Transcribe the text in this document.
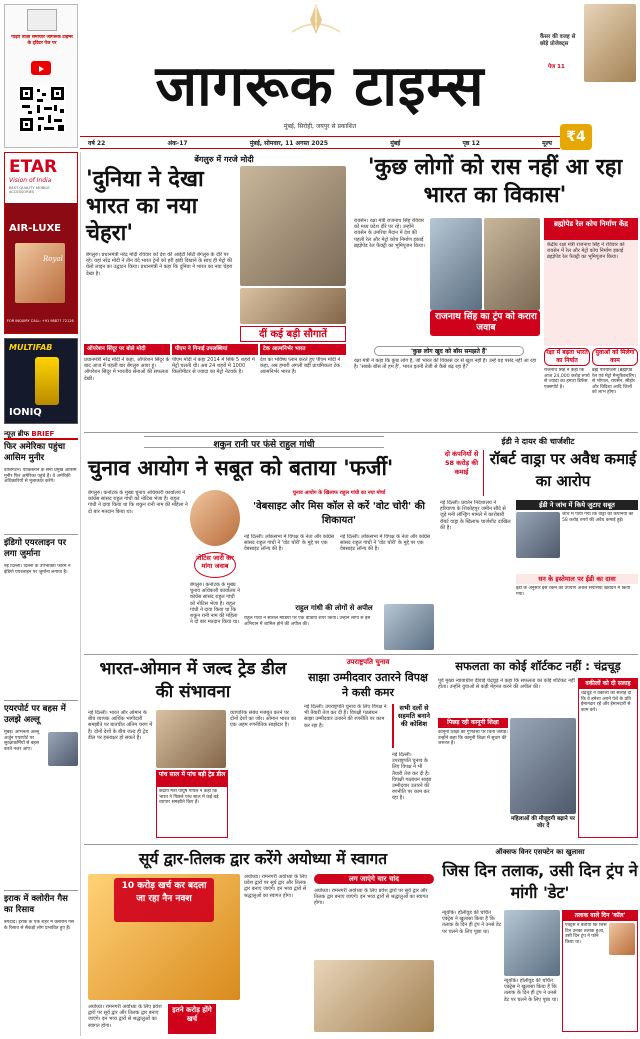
पढ़िए ताज़ा समाचार जागरूक टाइम्स के ट्विटर पेज पर
जागरूक टाइम्स
मुंबई, सिरोही, जयपुर से प्रकाशित
कैंसर की वजह से छोड़े प्रोजेक्ट्स
पेज 11
वर्ष 22	अंक-17	मुंबई, सोमवार, 11 अगस्त 2025	मुंबई	पृष्ठ 12	मूल्य	₹4
ETAR
Vision of India
BEST QUALITY MOBILE ACCESSORIES
AIR-LUXE
Royal
FOR INQUIRY CALL: +91 98877 72126
MULTIFAB
IONIQ
न्यूज़ ब्रीफ BRIEF
फिर अमेरिका पहुंचा आसिम मुनीर
वाशिंगटन। पाकिस्तान के सेना प्रमुख आसिम मुनीर फिर अमेरिका पहुंचे हैं। वे अमेरिकी अधिकारियों से मुलाकात करेंगे।
इंडिगो एयरलाइन पर लगा जुर्माना
नई दिल्ली। दिल्ली के उपभोक्ता फोरम ने इंडिगो एयरलाइन पर जुर्माना लगाया है।
एयरपोर्ट पर बहस में उलझे अल्लू
मुंबई। अभिनेता अल्लू अर्जुन एयरपोर्ट पर सुरक्षाकर्मियों से बहस करते नजर आए।
इराक में क्लोरीन गैस का रिसाव
बगदाद। इराक के एक शहर में क्लोरीन गैस के रिसाव से सैकड़ों लोग प्रभावित हुए हैं।
बेंगलुरु में गरजे मोदी
'दुनिया ने देखा भारत का नया चेहरा'
बेंगलुरु। प्रधानमंत्री नरेंद्र मोदी रविवार को देश की आईटी सिटी बेंगलुरु के दौरे पर रहे। यहां नरेंद्र मोदी ने तीन वंदे भारत ट्रेनों को हरी झंडी दिखाने के साथ ही मेट्रो की येलो लाइन का उद्घाटन किया। प्रधानमंत्री ने कहा कि दुनिया ने भारत का नया चेहरा देखा है।
दीं कई बड़ी सौगातें
ऑपरेशन सिंदूर पर बोले मोदी
प्रधानमंत्री नरेंद्र मोदी ने कहा, ऑपरेशन सिंदूर के बाद आज मैं पहली बार बेंगलुरु आया हूं। ऑपरेशन सिंदूर में भारतीय सेनाओं की सफलता देखी।
पीएम ने गिनाईं उपलब्धियां
पीएम मोदी ने कहा 2014 में सिर्फ 5 शहरों में मेट्रो चलती थी। अब 24 शहरों में 1000 किलोमीटर से ज्यादा का मेट्रो नेटवर्क है।
टेक आत्मनिर्भर भारत
देश का भविष्य प्लान करते हुए पीएम मोदी ने कहा, अब हमारी अगली बड़ी प्राथमिकता टेक आत्मनिर्भर भारत है।
'कुछ लोगों को रास नहीं आ रहा भारत का विकास'
रायसेन। रक्षा मंत्री राजनाथ सिंह रविवार को मध्य प्रदेश दौरे पर रहे। उन्होंने रायसेन के उमरिया मैदान में देश की पहली रेल और मेट्रो कोच निर्माण इकाई ब्रह्मोपेड रेल फैक्ट्री का भूमिपूजन किया।
राजनाथ सिंह का ट्रंप को करारा जवाब
ब्रह्मोपेड रेल कोच निर्माण केंद्र
केंद्रीय रक्षा मंत्री राजनाथ सिंह ने रविवार को रायसेन में रेल और मेट्रो कोच निर्माण इकाई ब्रह्मोपेड रेल फैक्ट्री का भूमिपूजन किया।
'कुछ लोग खुद को बॉस समझते हैं'
रक्षा मंत्री ने कहा कि कुछ लोग हैं, जो भारत की विकास दर से खुश नहीं हैं। उन्हें यह पसंद नहीं आ रहा है। 'सबके बॉस तो हम हैं', भारत इतनी तेजी से कैसे बढ़ रहा है?
रक्षा में बढ़ता भारत का निर्यात
राजनाथ सिंह ने कहा कि आज 24,000 करोड़ रुपये से ज्यादा का हमारा डिफेंस एक्सपोर्ट है।
युवाओं को मिलेगा काम
ब्रह्म परियोजना (ब्रह्मोपेड रेल एवं मेट्रो मैन्युफैक्चरिंग) से भोपाल, रायसेन, सीहोर और विदिशा आदि जिलों को लाभ होगा।
शकुन रानी पर फंसे राहुल गांधी
चुनाव आयोग ने सबूत को बताया 'फर्जी'
बेंगलुरु। कर्नाटक के मुख्य चुनाव अधिकारी कार्यालय ने कांग्रेस सांसद राहुल गांधी को नोटिस भेजा है। राहुल गांधी ने दावा किया था कि शकुन रानी नाम की महिला ने दो बार मतदान किया था।
नोटिस जारी कर मांगा जवाब
बेंगलुरु। कर्नाटक के मुख्य चुनाव अधिकारी कार्यालय ने कांग्रेस सांसद राहुल गांधी को नोटिस भेजा है। राहुल गांधी ने दावा किया था कि शकुन रानी नाम की महिला ने दो बार मतदान किया था।
चुनाव आयोग के खिलाफ राहुल गांधी का नया मोर्चा
'वेबसाइट और मिस कॉल से करें 'वोट चोरी' की शिकायत'
नई दिल्ली। लोकसभा में विपक्ष के नेता और कांग्रेस सांसद राहुल गांधी ने 'वोट चोरी' के मुद्दे पर एक वेबसाइट लॉन्च की है।
नई दिल्ली। लोकसभा में विपक्ष के नेता और कांग्रेस सांसद राहुल गांधी ने 'वोट चोरी' के मुद्दे पर एक वेबसाइट लॉन्च की है।
राहुल गांधी की लोगों से अपील
राहुल गांधी ने सोशल मीडिया पर एक वीडियो शेयर किया। उन्होंने लोगों से इस अभियान में शामिल होने की अपील की।
ईडी ने दायर की चार्जशीट
दो कंपनियों से 58 करोड़ की कमाई
रॉबर्ट वाड्रा पर अवैध कमाई का आरोप
नई दिल्ली। प्रवर्तन निदेशालय ने हरियाणा के शिकोहपुर जमीन सौदे से जुड़े मनी लॉन्ड्रिंग मामले में कारोबारी रॉबर्ट वाड्रा के खिलाफ चार्जशीट दाखिल की है।
ईडी ने जांच में किये जुटाए सबूत
जांच में पाया गया कि वाड्रा की कंपनियों को 58 करोड़ रुपये की अवैध कमाई हुई।
धन के इस्तेमाल पर ईडी का दावा
ईडी के अनुसार इस रकम का उपयोग अचल संपत्तियां खरीदने में किया गया।
भारत-ओमान में जल्द ट्रेड डील की संभावना
नई दिल्ली। भारत और ओमान के बीच व्यापक आर्थिक भागीदारी समझौते पर बातचीत अंतिम चरण में है। दोनों देशों के बीच जल्द ही ट्रेड डील पर हस्ताक्षर हो सकते हैं।
व्यापारिक संबंध मजबूत करने पर दोनों देशों का जोर। ओमान भारत का एक अहम रणनीतिक साझेदार है।
पांच साल में पांच बड़ी ट्रेड डील
केंद्रीय मंत्री पीयूष गोयल ने कहा कि भारत ने पिछले पांच साल में कई बड़े व्यापार समझौते किए हैं।
उपराष्ट्रपति चुनाव
साझा उम्मीदवार उतारने विपक्ष ने कसी कमर
नई दिल्ली। उपराष्ट्रपति चुनाव के लिए विपक्ष ने भी तैयारी तेज कर दी है। विपक्षी गठबंधन साझा उम्मीदवार उतारने की रणनीति पर काम कर रहा है।
सभी दलों से सहमति बनाने की कोशिश
नई दिल्ली। उपराष्ट्रपति चुनाव के लिए विपक्ष ने भी तैयारी तेज कर दी है। विपक्षी गठबंधन साझा उम्मीदवार उतारने की रणनीति पर काम कर रहा है।
सफलता का कोई शॉर्टकट नहीं : चंद्रचूड़
पूर्व मुख्य न्यायाधीश डीवाई चंद्रचूड़ ने कहा कि सफलता का कोई शॉर्टकट नहीं होता। उन्होंने युवाओं से कड़ी मेहनत करने की अपील की।
पिछड़ रही कानूनी शिक्षा
कानूनी शिक्षा की गुणवत्ता पर चिंता जताई। उन्होंने कहा कि कानूनी शिक्षा में सुधार की जरूरत है।
महिलाओं की मौजूदगी बढ़ाने पर जोर दें
वकीलों को दी सलाह
चंद्रचूड़ ने वकीलों को सलाह दी कि वे हमेशा अपने पेशे के प्रति ईमानदार रहें और ईमानदारी से काम करें।
सूर्य द्वार-तिलक द्वार करेंगे अयोध्या में स्वागत
10 करोड़ खर्च कर बदला जा रहा नैन नक्श
इतने करोड़ होंगे खर्च
अयोध्या। रामनगरी अयोध्या के लिए प्रवेश द्वारों पर सूर्य द्वार और तिलक द्वार बनाए जाएंगे। इन भव्य द्वारों से श्रद्धालुओं का स्वागत होगा।
अयोध्या। रामनगरी अयोध्या के लिए प्रवेश द्वारों पर सूर्य द्वार और तिलक द्वार बनाए जाएंगे। इन भव्य द्वारों से श्रद्धालुओं का स्वागत होगा।
लग जाएंगे चार चांद
अयोध्या। रामनगरी अयोध्या के लिए प्रवेश द्वारों पर सूर्य द्वार और तिलक द्वार बनाए जाएंगे। इन भव्य द्वारों से श्रद्धालुओं का स्वागत होगा।
ऑक्सफ विनर एसफ्टेन का खुलासा
जिस दिन तलाक, उसी दिन ट्रंप ने मांगी 'डेट'
न्यूयॉर्क। हॉलीवुड की चर्चित एक्ट्रेस ने खुलासा किया है कि तलाक के दिन ही ट्रंप ने उनसे डेट पर चलने के लिए पूछा था।
न्यूयॉर्क। हॉलीवुड की चर्चित एक्ट्रेस ने खुलासा किया है कि तलाक के दिन ही ट्रंप ने उनसे डेट पर चलने के लिए पूछा था।
तलाक वाले दिन 'कॉल'
एक्ट्रेस ने बताया कि जिस दिन उनका तलाक हुआ, उसी दिन ट्रंप ने फोन किया था।
